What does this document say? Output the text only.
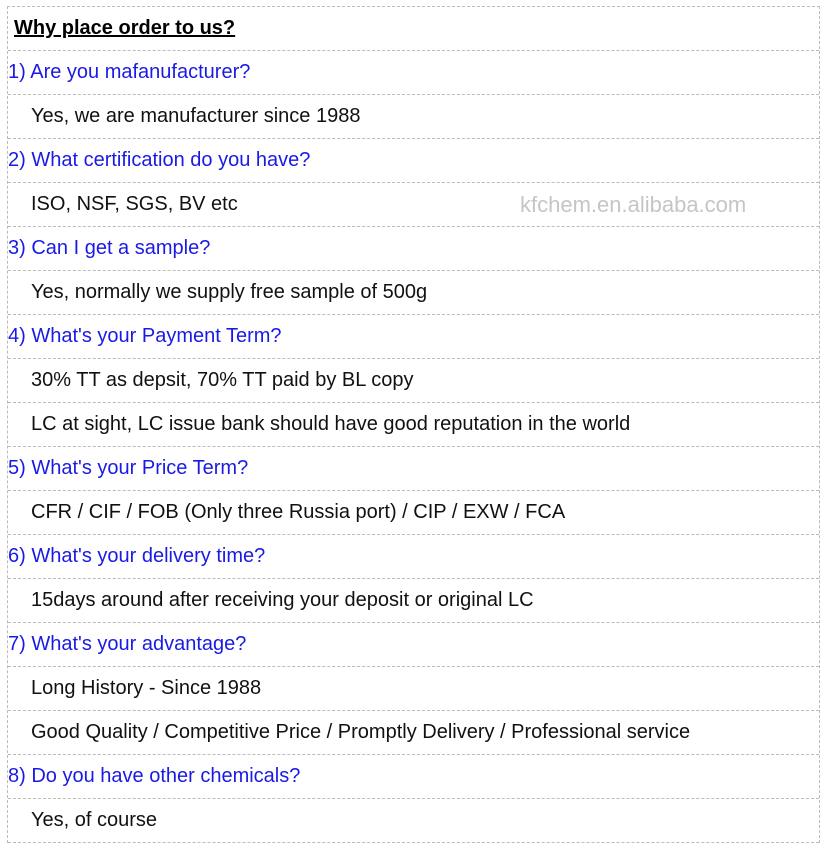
Why place order to us?
1) Are you mafanufacturer?
Yes, we are manufacturer since 1988
2) What certification do you have?
ISO, NSF, SGS, BV etc
3) Can I get a sample?
Yes, normally we supply free sample of 500g
4) What's your Payment Term?
30% TT as depsit, 70% TT paid by BL copy
LC at sight, LC issue bank should have good reputation in the world
5) What's your Price Term?
CFR / CIF / FOB (Only three Russia port) / CIP / EXW / FCA
6) What's your delivery time?
15days around after receiving your deposit or original LC
7) What's your advantage?
Long History - Since 1988
Good Quality / Competitive Price / Promptly Delivery / Professional service
8) Do you have other chemicals?
Yes, of course
kfchem.en.alibaba.com
